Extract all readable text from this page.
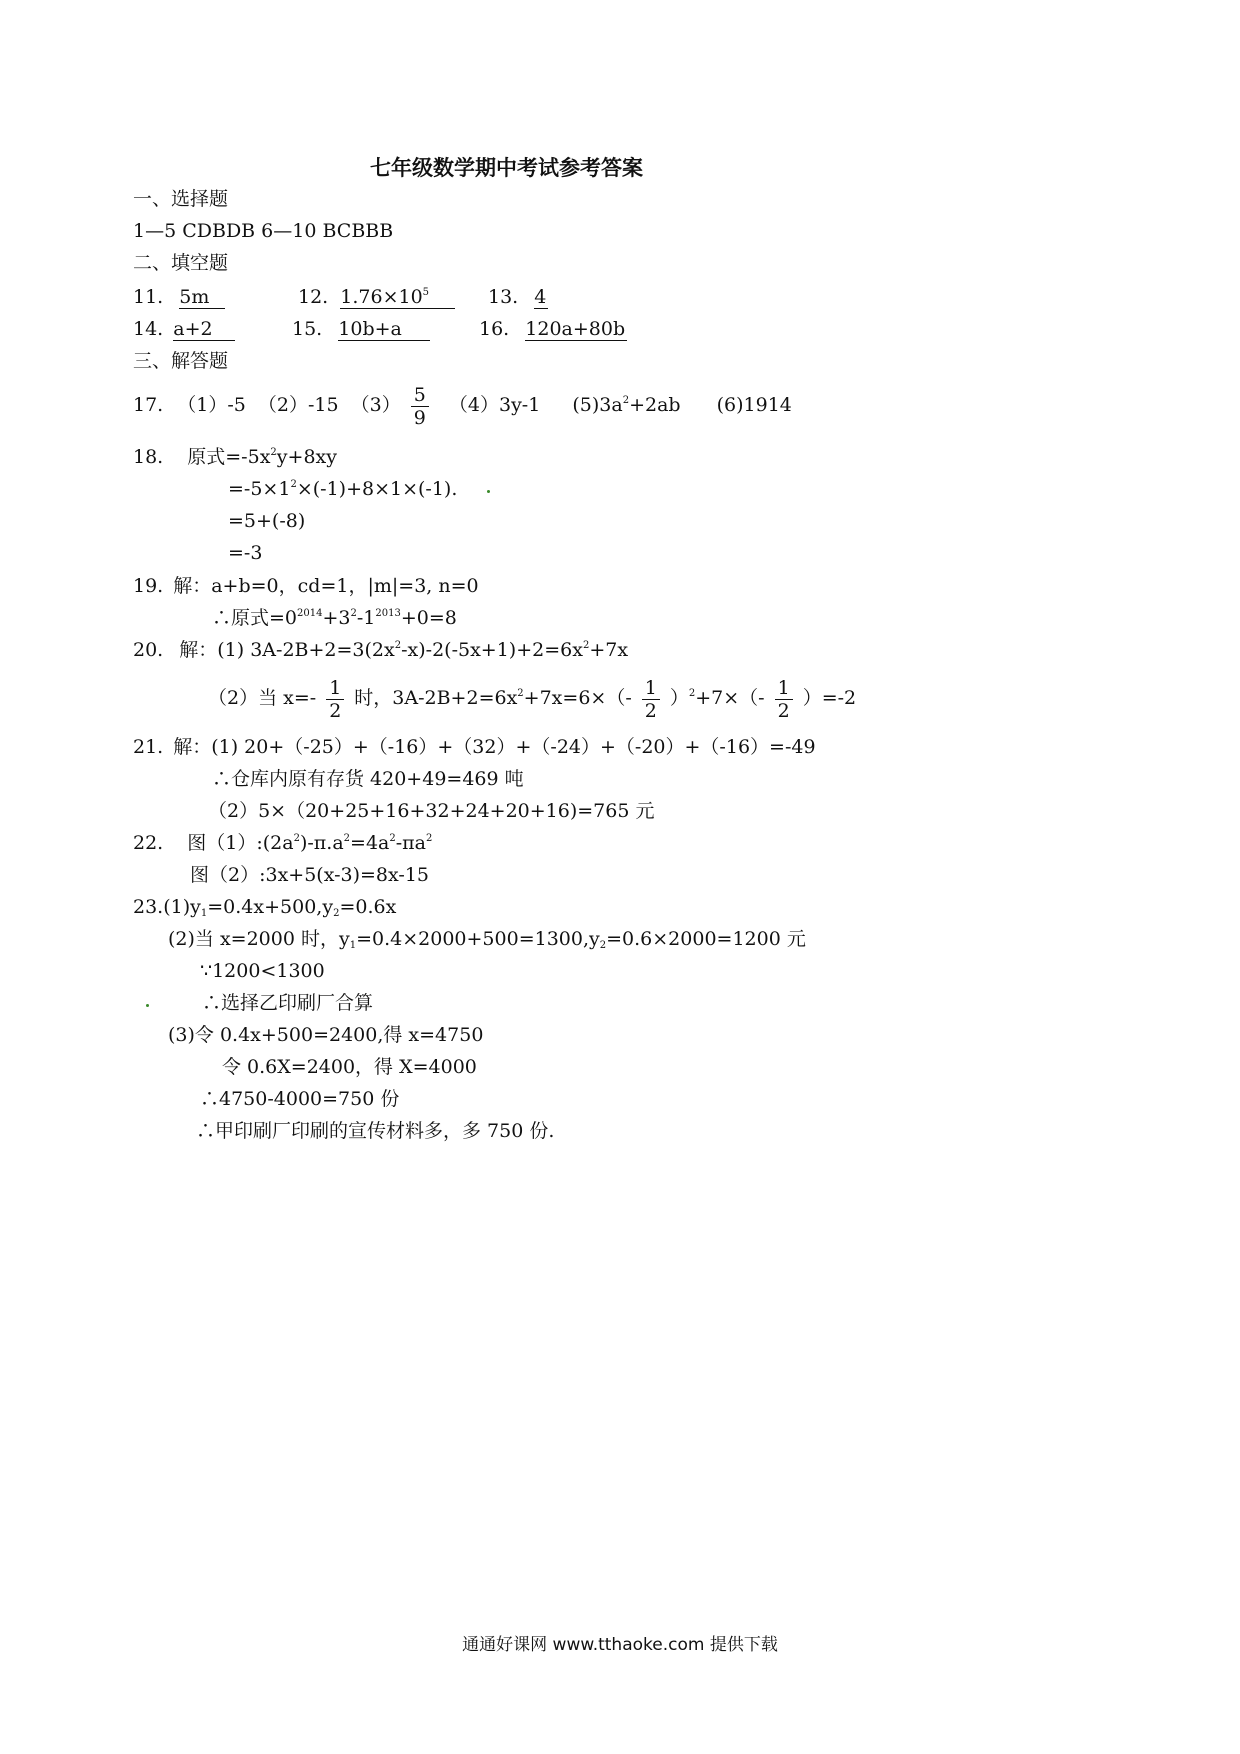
七年级数学期中考试参考答案
一、选择题
1—5 CDBDB 6—10 BCBBB
二、填空题
11. 5m	12. $1.76\times 10^5$	13. 4
14. a+2	15. 10b+a	16. 120a+80b
三、解答题
17. （1）-5 （2）-15 $(3) \frac{5}{9} (4)3y-1$ $(5)3a^2+2ab$ (6)1914
18. 原式$=-5x^2y+8xy$
$=-5\times 1^2\times(-1)+8\times 1\times(-1)$.
=5+(-8)
=-3
19. 解：a+b=0，cd=1，|m|=3, n=0
∴原式$=0^{2014}+3^2-1^{2013}+0=8$
20. 解：(1) $3A-2B+2=3(2x^2-x)-2(-5x+1)+2=6x^2+7x$
（2）当 $x=- \frac{1}{2}$ 时，$3A-2B+2=6x^2+7x=6\times(- \frac{1}{2} )^2+7\times(- \frac{1}{2} )=-2$
21. 解：(1) 20+（-25）+（-16）+（32）+（-24）+（-20）+（-16）=-49
∴仓库内原有存货 420+49=469 吨
（2）5×（20+25+16+32+24+20+16)=765 元
22. 图$(1):(2a^2)-\pi.a^2=4a^2-\pi a^2$
图（2）:3x+5(x-3)=8x-15
$23.(1)y_1=0.4x+500,y_2=0.6x$
(2)当 x=2000 时，$y_1=0.4\times 2000+500=1300,y_2=0.6\times 2000=1200$ 元
∵1200<1300
∴选择乙印刷厂合算
(3)令 0.4x+500=2400,得 x=4750
令 0.6X=2400，得 X=4000
∴4750-4000=750 份
∴甲印刷厂印刷的宣传材料多，多 750 份.
通通好课网 www.tthaoke.com 提供下载
